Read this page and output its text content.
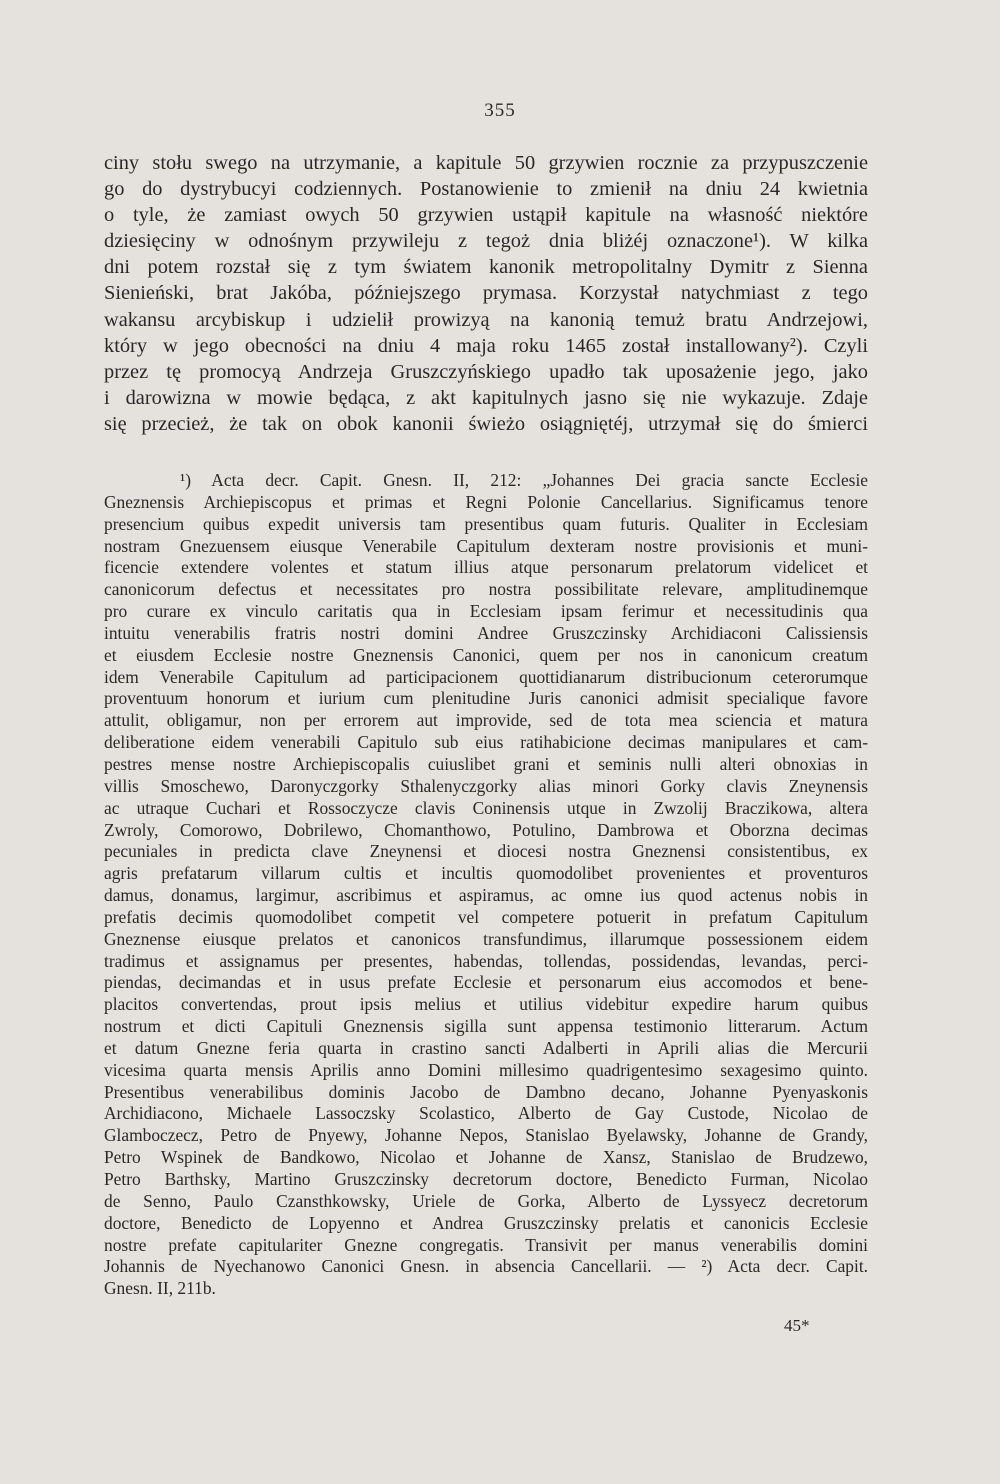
355
ciny stołu swego na utrzymanie, a kapitule 50 grzywien rocznie za przypuszczenie
go do dystrybucyi codziennych. Postanowienie to zmienił na dniu 24 kwietnia
o tyle, że zamiast owych 50 grzywien ustąpił kapitule na własność niektóre
dziesięciny w odnośnym przywileju z tegoż dnia bliżéj oznaczone¹). W kilka
dni potem rozstał się z tym światem kanonik metropolitalny Dymitr z Sienna
Sienieński, brat Jakóba, późniejszego prymasa. Korzystał natychmiast z tego
wakansu arcybiskup i udzielił prowizyą na kanonią temuż bratu Andrzejowi,
który w jego obecności na dniu 4 maja roku 1465 został installowany²). Czyli
przez tę promocyą Andrzeja Gruszczyńskiego upadło tak uposażenie jego, jako
i darowizna w mowie będąca, z akt kapitulnych jasno się nie wykazuje. Zdaje
się przecież, że tak on obok kanonii świeżo osiągniętéj, utrzymał się do śmierci
¹) Acta decr. Capit. Gnesn. II, 212: „Johannes Dei gracia sancte Ecclesie
Gneznensis Archiepiscopus et primas et Regni Polonie Cancellarius. Significamus tenore
presencium quibus expedit universis tam presentibus quam futuris. Qualiter in Ecclesiam
nostram Gnezuensem eiusque Venerabile Capitulum dexteram nostre provisionis et muni-
ficencie extendere volentes et statum illius atque personarum prelatorum videlicet et
canonicorum defectus et necessitates pro nostra possibilitate relevare, amplitudinemque
pro curare ex vinculo caritatis qua in Ecclesiam ipsam ferimur et necessitudinis qua
intuitu venerabilis fratris nostri domini Andree Gruszczinsky Archidiaconi Calissiensis
et eiusdem Ecclesie nostre Gneznensis Canonici, quem per nos in canonicum creatum
idem Venerabile Capitulum ad participacionem quottidianarum distribucionum ceterorumque
proventuum honorum et iurium cum plenitudine Juris canonici admisit specialique favore
attulit, obligamur, non per errorem aut improvide, sed de tota mea sciencia et matura
deliberatione eidem venerabili Capitulo sub eius ratihabicione decimas manipulares et cam-
pestres mense nostre Archiepiscopalis cuiuslibet grani et seminis nulli alteri obnoxias in
villis Smoschewo, Daronyczgorky Sthalenyczgorky alias minori Gorky clavis Zneynensis
ac utraque Cuchari et Rossoczycze clavis Coninensis utque in Zwzolij Braczikowa, altera
Zwroly, Comorowo, Dobrilewo, Chomanthowo, Potulino, Dambrowa et Oborzna decimas
pecuniales in predicta clave Zneynensi et diocesi nostra Gneznensi consistentibus, ex
agris prefatarum villarum cultis et incultis quomodolibet provenientes et proventuros
damus, donamus, largimur, ascribimus et aspiramus, ac omne ius quod actenus nobis in
prefatis decimis quomodolibet competit vel competere potuerit in prefatum Capitulum
Gneznense eiusque prelatos et canonicos transfundimus, illarumque possessionem eidem
tradimus et assignamus per presentes, habendas, tollendas, possidendas, levandas, perci-
piendas, decimandas et in usus prefate Ecclesie et personarum eius accomodos et bene-
placitos convertendas, prout ipsis melius et utilius videbitur expedire harum quibus
nostrum et dicti Capituli Gneznensis sigilla sunt appensa testimonio litterarum. Actum
et datum Gnezne feria quarta in crastino sancti Adalberti in Aprili alias die Mercurii
vicesima quarta mensis Aprilis anno Domini millesimo quadrigentesimo sexagesimo quinto.
Presentibus venerabilibus dominis Jacobo de Dambno decano, Johanne Pyenyaskonis
Archidiacono, Michaele Lassoczsky Scolastico, Alberto de Gay Custode, Nicolao de
Glamboczecz, Petro de Pnyewy, Johanne Nepos, Stanislao Byelawsky, Johanne de Grandy,
Petro Wspinek de Bandkowo, Nicolao et Johanne de Xansz, Stanislao de Brudzewo,
Petro Barthsky, Martino Gruszczinsky decretorum doctore, Benedicto Furman, Nicolao
de Senno, Paulo Czansthkowsky, Uriele de Gorka, Alberto de Lyssyecz decretorum
doctore, Benedicto de Lopyenno et Andrea Gruszczinsky prelatis et canonicis Ecclesie
nostre prefate capitulariter Gnezne congregatis. Transivit per manus venerabilis domini
Johannis de Nyechanowo Canonici Gnesn. in absencia Cancellarii. — ²) Acta decr. Capit.
Gnesn. II, 211b.
45*
